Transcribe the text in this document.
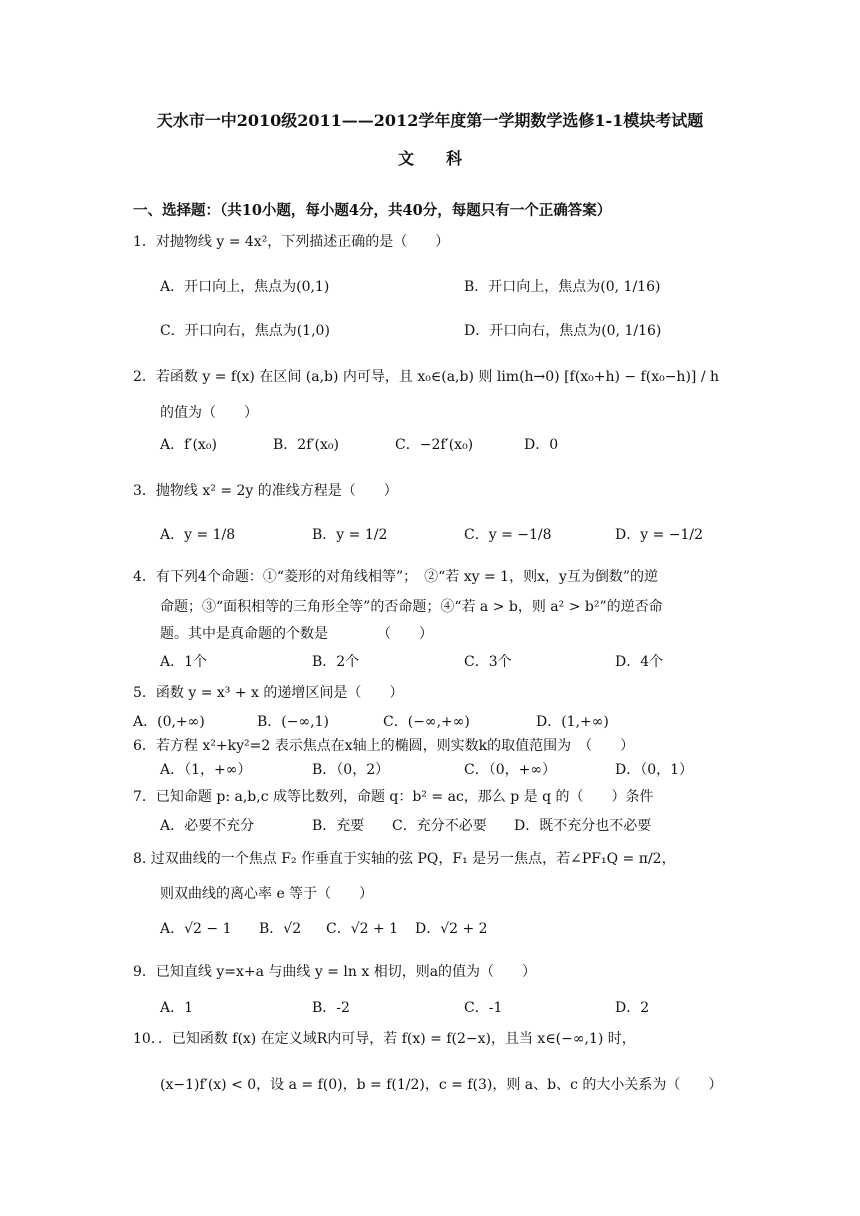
天水市一中2010级2011——2012学年度第一学期数学选修1-1模块考试题
文　　科
一、选择题：（共10小题，每小题4分，共40分，每题只有一个正确答案）
1．对抛物线 y = 4x²，下列描述正确的是（　　）
A．开口向上，焦点为(0,1)	B．开口向上，焦点为(0, 1/16)
C．开口向右，焦点为(1,0)	D．开口向右，焦点为(0, 1/16)
2．若函数 y = f(x) 在区间 (a,b) 内可导，且 x₀∈(a,b) 则 lim(h→0) [f(x₀+h) − f(x₀−h)] / h
的值为（　　）
A．f′(x₀)	B．2f′(x₀)	C．−2f′(x₀)	D．0
3．抛物线 x² = 2y 的准线方程是（　　）
A．y = 1/8	B．y = 1/2	C．y = −1/8	D．y = −1/2
4．有下列4个命题：①“菱形的对角线相等”；　②“若 xy = 1，则x，y互为倒数”的逆
命题；③“面积相等的三角形全等”的否命题；④“若 a > b，则 a² > b²”的逆否命
题。其中是真命题的个数是　　　　（　　）
A．1个	B．2个	C．3个	D．4个
5．函数 y = x³ + x 的递增区间是（　　）
A．(0,+∞)	B．(−∞,1)	C．(−∞,+∞)	D．(1,+∞)
6．若方程 x²+ky²=2 表示焦点在x轴上的椭圆，则实数k的取值范围为　（　　）
A．（1，+∞）	B．（0，2）	C．（0，+∞）	D．（0，1）
7．已知命题 p: a,b,c 成等比数列，命题 q：b² = ac，那么 p 是 q 的（　　）条件
A．必要不充分	B．充要 C．充分不必要 D．既不充分也不必要
8. 过双曲线的一个焦点 F₂ 作垂直于实轴的弦 PQ，F₁ 是另一焦点，若∠PF₁Q = π/2，
则双曲线的离心率 e 等于（　　）
A．√2 − 1 B．√2 C．√2 + 1 D．√2 + 2
9．已知直线 y=x+a 与曲线 y = ln x 相切，则a的值为（　　）
A．1	B．-2	C．-1	D．2
10．．已知函数 f(x) 在定义域R内可导，若 f(x) = f(2−x)，且当 x∈(−∞,1) 时，
(x−1)f′(x) < 0，设 a = f(0)，b = f(1/2)，c = f(3)，则 a、b、c 的大小关系为（　　）
